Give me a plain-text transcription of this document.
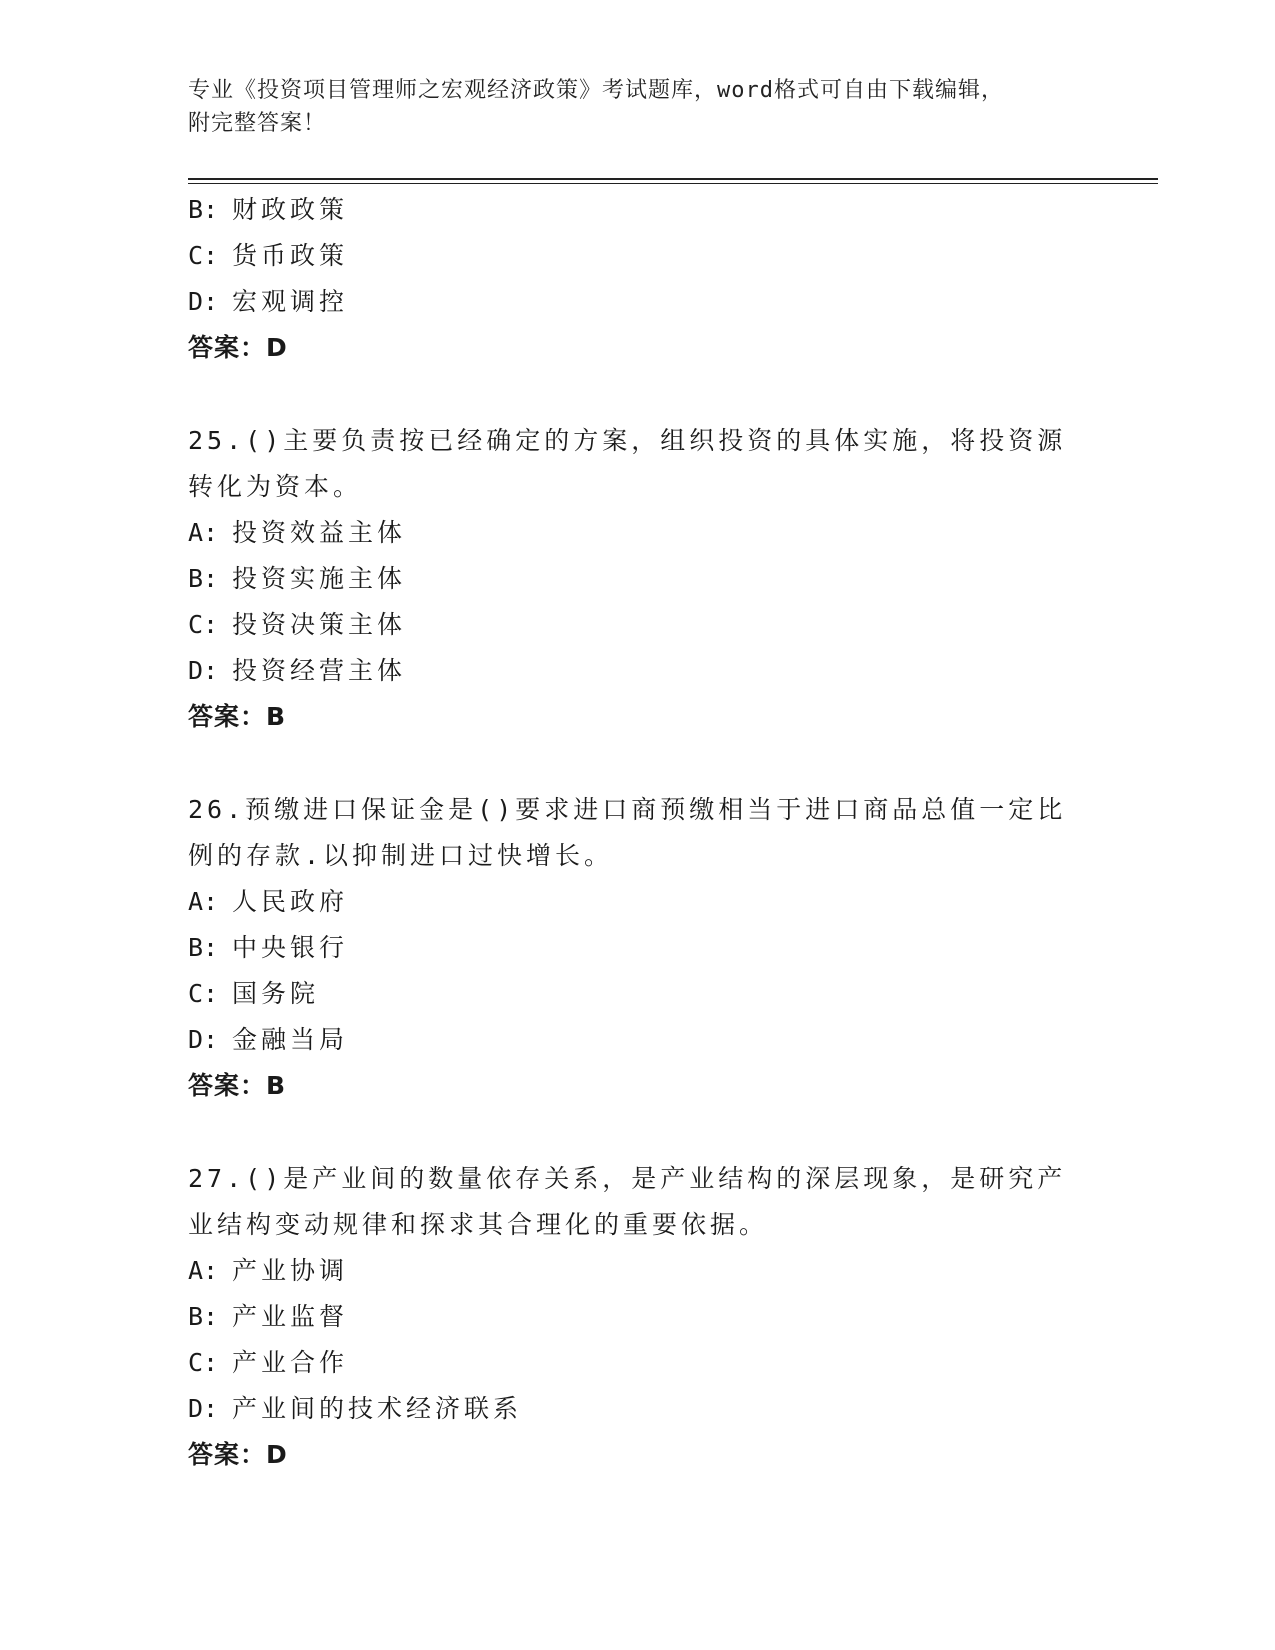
专业《投资项目管理师之宏观经济政策》考试题库，word格式可自由下载编辑，
附完整答案！
B: 财政政策
C: 货币政策
D: 宏观调控
答案：D
25.()主要负责按已经确定的方案，组织投资的具体实施，将投资源转化为资本。
A: 投资效益主体
B: 投资实施主体
C: 投资决策主体
D: 投资经营主体
答案：B
26.预缴进口保证金是()要求进口商预缴相当于进口商品总值一定比例的存款.以抑制进口过快增长。
A: 人民政府
B: 中央银行
C: 国务院
D: 金融当局
答案：B
27.()是产业间的数量依存关系，是产业结构的深层现象，是研究产业结构变动规律和探求其合理化的重要依据。
A: 产业协调
B: 产业监督
C: 产业合作
D: 产业间的技术经济联系
答案：D
